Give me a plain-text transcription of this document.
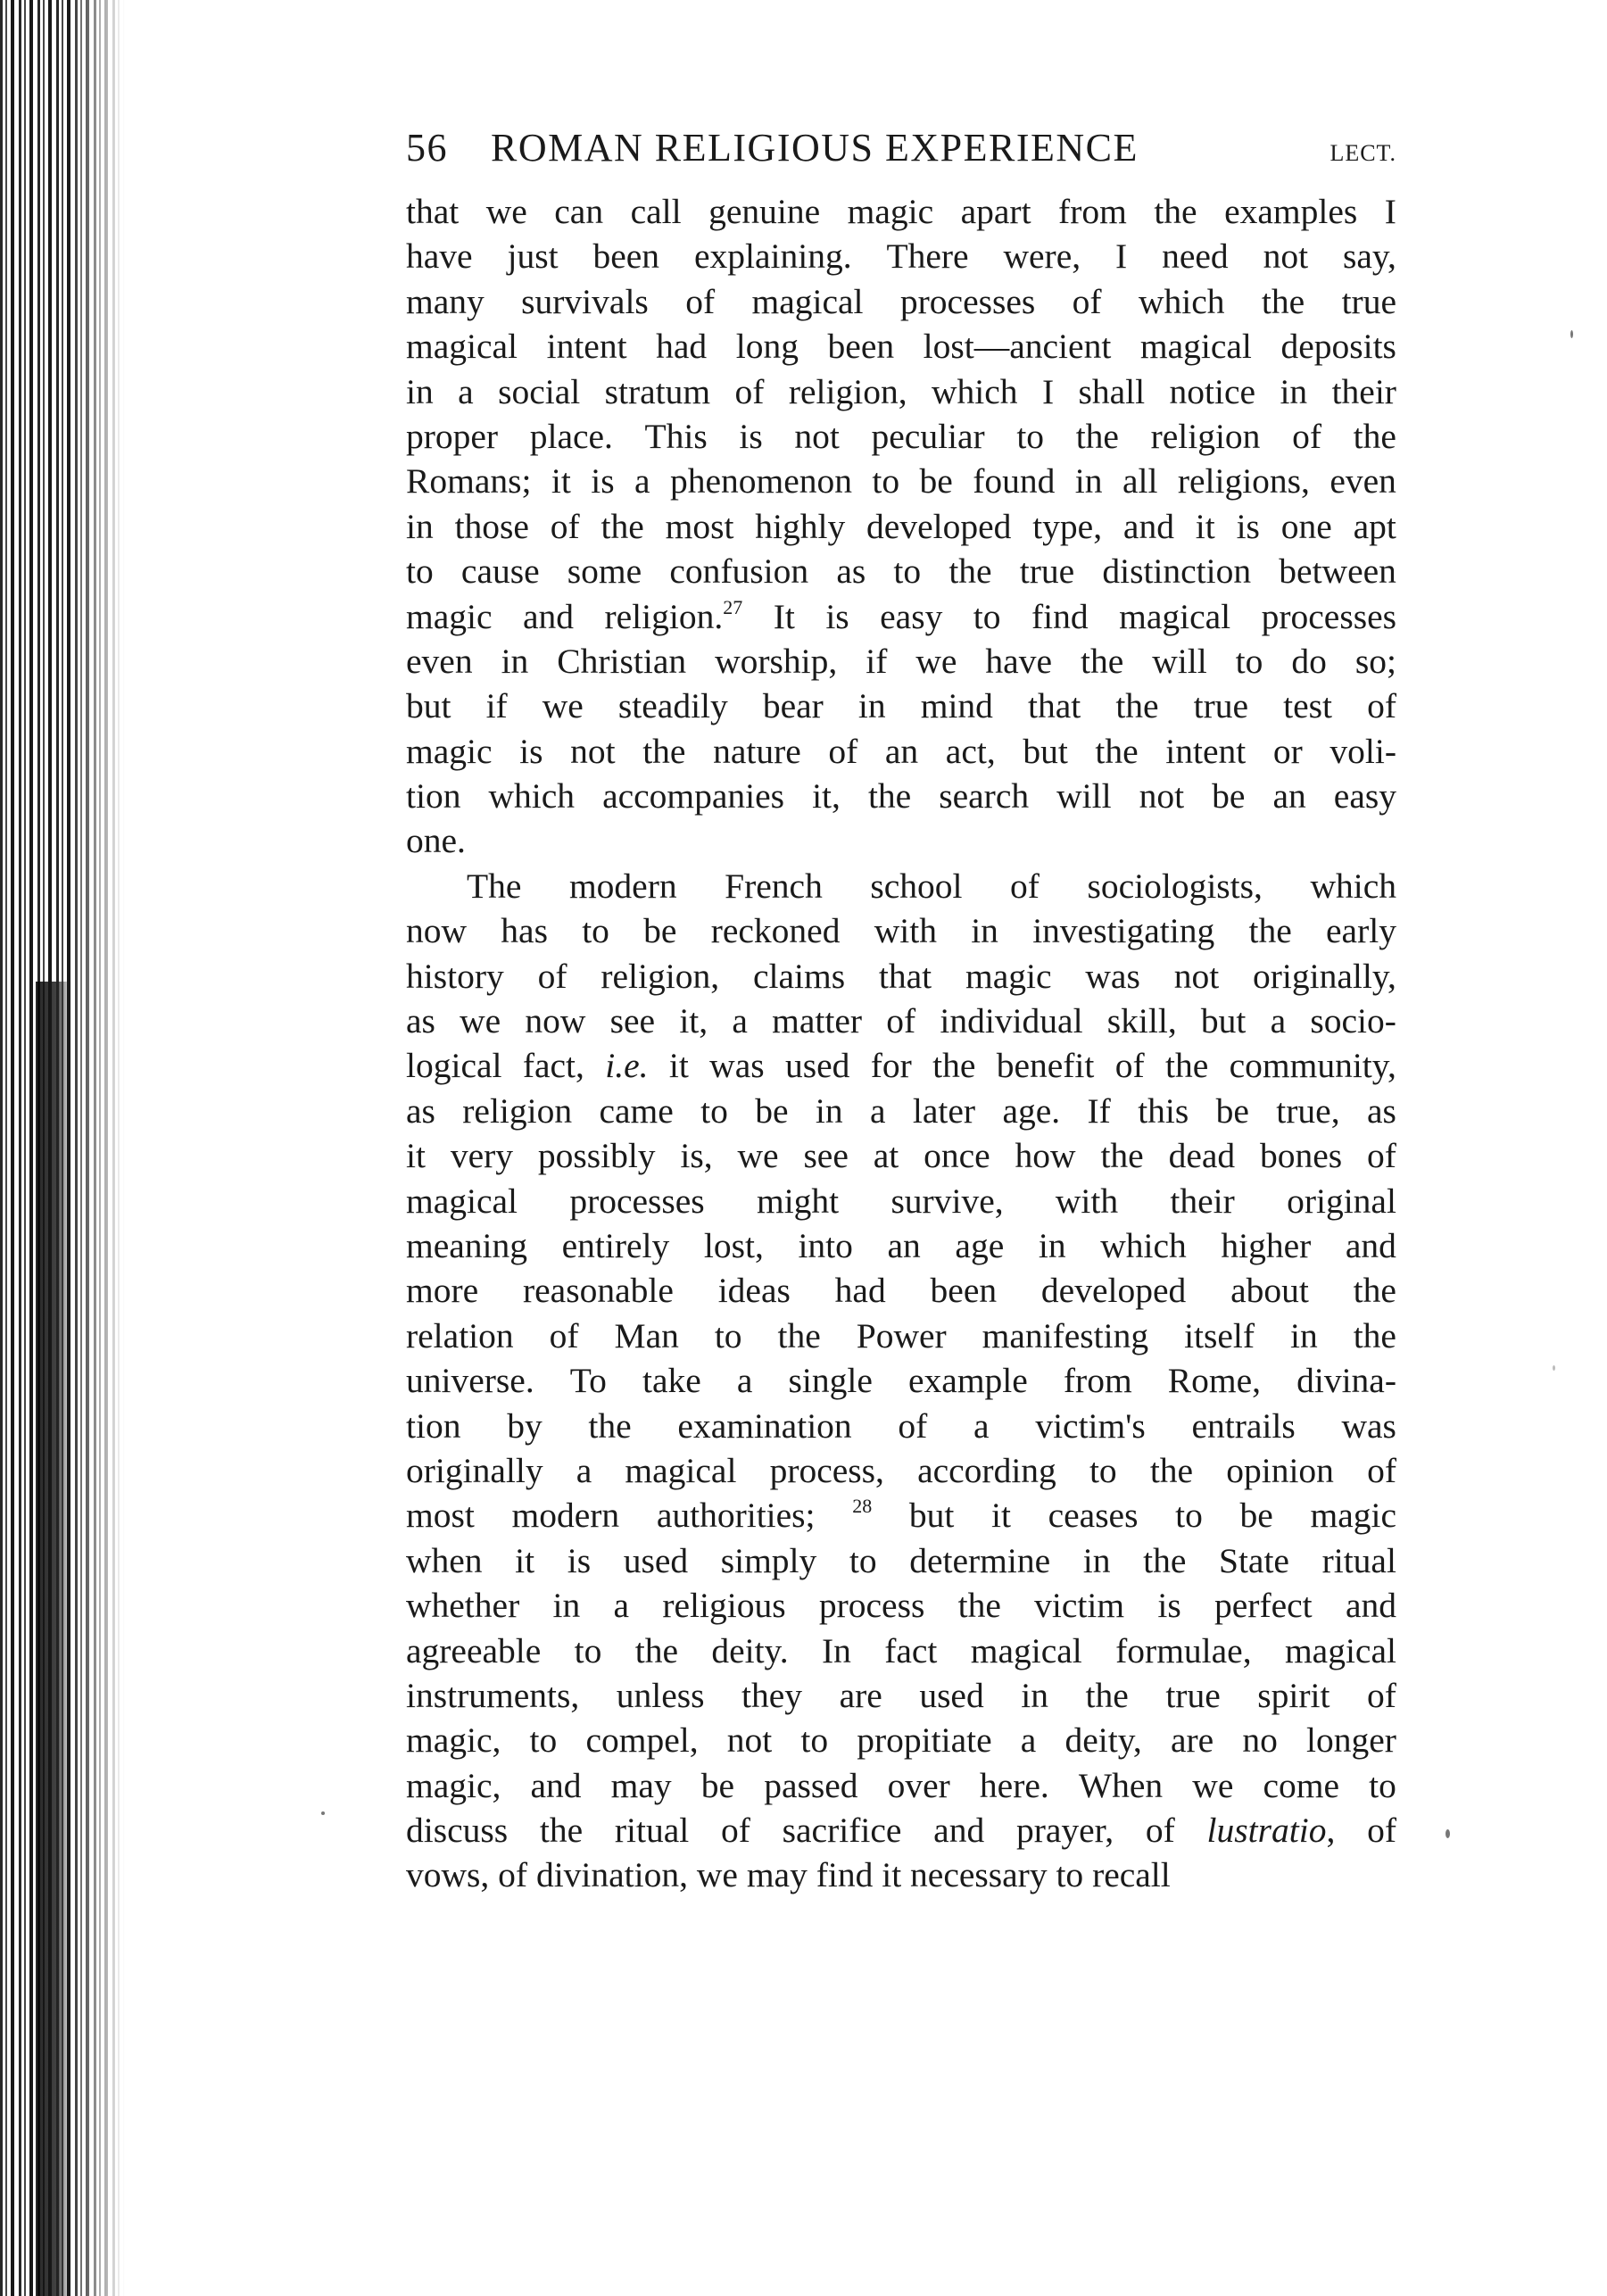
56	ROMAN RELIGIOUS EXPERIENCE	LECT.
that we can call genuine magic apart from the examples I
have just been explaining. There were, I need not say,
many survivals of magical processes of which the true
magical intent had long been lost—ancient magical deposits
in a social stratum of religion, which I shall notice in their
proper place. This is not peculiar to the religion of the
Romans; it is a phenomenon to be found in all religions, even
in those of the most highly developed type, and it is one apt
to cause some confusion as to the true distinction between
magic and religion.$^{27}$ It is easy to find magical processes
even in Christian worship, if we have the will to do so;
but if we steadily bear in mind that the true test of
magic is not the nature of an act, but the intent or voli-
tion which accompanies it, the search will not be an easy
one.
The modern French school of sociologists, which
now has to be reckoned with in investigating the early
history of religion, claims that magic was not originally,
as we now see it, a matter of individual skill, but a socio-
logical fact, i.e. it was used for the benefit of the community,
as religion came to be in a later age. If this be true, as
it very possibly is, we see at once how the dead bones of
magical processes might survive, with their original
meaning entirely lost, into an age in which higher and
more reasonable ideas had been developed about the
relation of Man to the Power manifesting itself in the
universe. To take a single example from Rome, divina-
tion by the examination of a victim's entrails was
originally a magical process, according to the opinion of
most modern authorities; $^{28}$ but it ceases to be magic
when it is used simply to determine in the State ritual
whether in a religious process the victim is perfect and
agreeable to the deity. In fact magical formulae, magical
instruments, unless they are used in the true spirit of
magic, to compel, not to propitiate a deity, are no longer
magic, and may be passed over here. When we come to
discuss the ritual of sacrifice and prayer, of lustratio, of
vows,
of
divination,
we
may
find
it
necessary
to
recall
